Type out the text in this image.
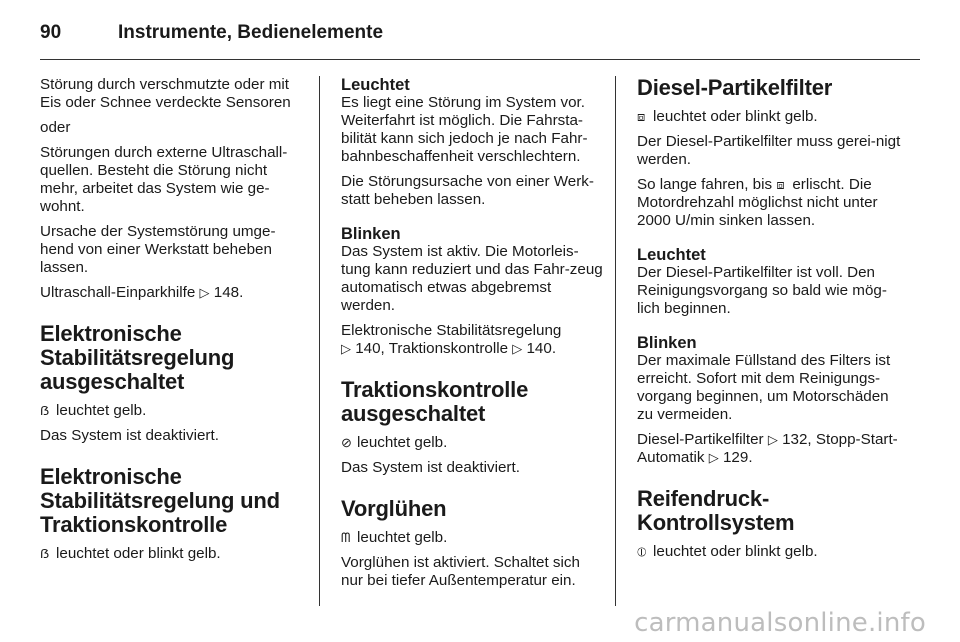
90	Instrumente, Bedienelemente

Störung durch verschmutzte oder mit Eis oder Schnee verdeckte Sensoren

oder

Störungen durch externe Ultraschall-quellen. Besteht die Störung nicht mehr, arbeitet das System wie ge-wohnt.

Ursache der Systemstörung umge-hend von einer Werkstatt beheben lassen.

Ultraschall-Einparkhilfe ▷ 148.

Elektronische Stabilitätsregelung ausgeschaltet

ẞ leuchtet gelb.

Das System ist deaktiviert.

Elektronische Stabilitätsregelung und Traktionskontrolle

ẞ leuchtet oder blinkt gelb.

Leuchtet

Es liegt eine Störung im System vor. Weiterfahrt ist möglich. Die Fahrsta-bilität kann sich jedoch je nach Fahr-bahnbeschaffenheit verschlechtern.

Die Störungsursache von einer Werk-statt beheben lassen.

Blinken

Das System ist aktiv. Die Motorleis-tung kann reduziert und das Fahr-zeug automatisch etwas abgebremst werden.

Elektronische Stabilitätsregelung
▷ 140, Traktionskontrolle ▷ 140.

Traktionskontrolle ausgeschaltet

⊘ leuchtet gelb.

Das System ist deaktiviert.

Vorglühen

ᗰ leuchtet gelb.

Vorglühen ist aktiviert. Schaltet sich nur bei tiefer Außentemperatur ein.

Diesel-Partikelfilter

⧈ leuchtet oder blinkt gelb.

Der Diesel-Partikelfilter muss gerei-nigt werden.

So lange fahren, bis ⧈ erlischt. Die Motordrehzahl möglichst nicht unter 2000 U/min sinken lassen.

Leuchtet

Der Diesel-Partikelfilter ist voll. Den Reinigungsvorgang so bald wie mög-lich beginnen.

Blinken

Der maximale Füllstand des Filters ist erreicht. Sofort mit dem Reinigungs-vorgang beginnen, um Motorschäden zu vermeiden.

Diesel-Partikelfilter ▷ 132, Stopp-Start-Automatik ▷ 129.

Reifendruck-Kontrollsystem

⦶ leuchtet oder blinkt gelb.

carmanualsonline.info
